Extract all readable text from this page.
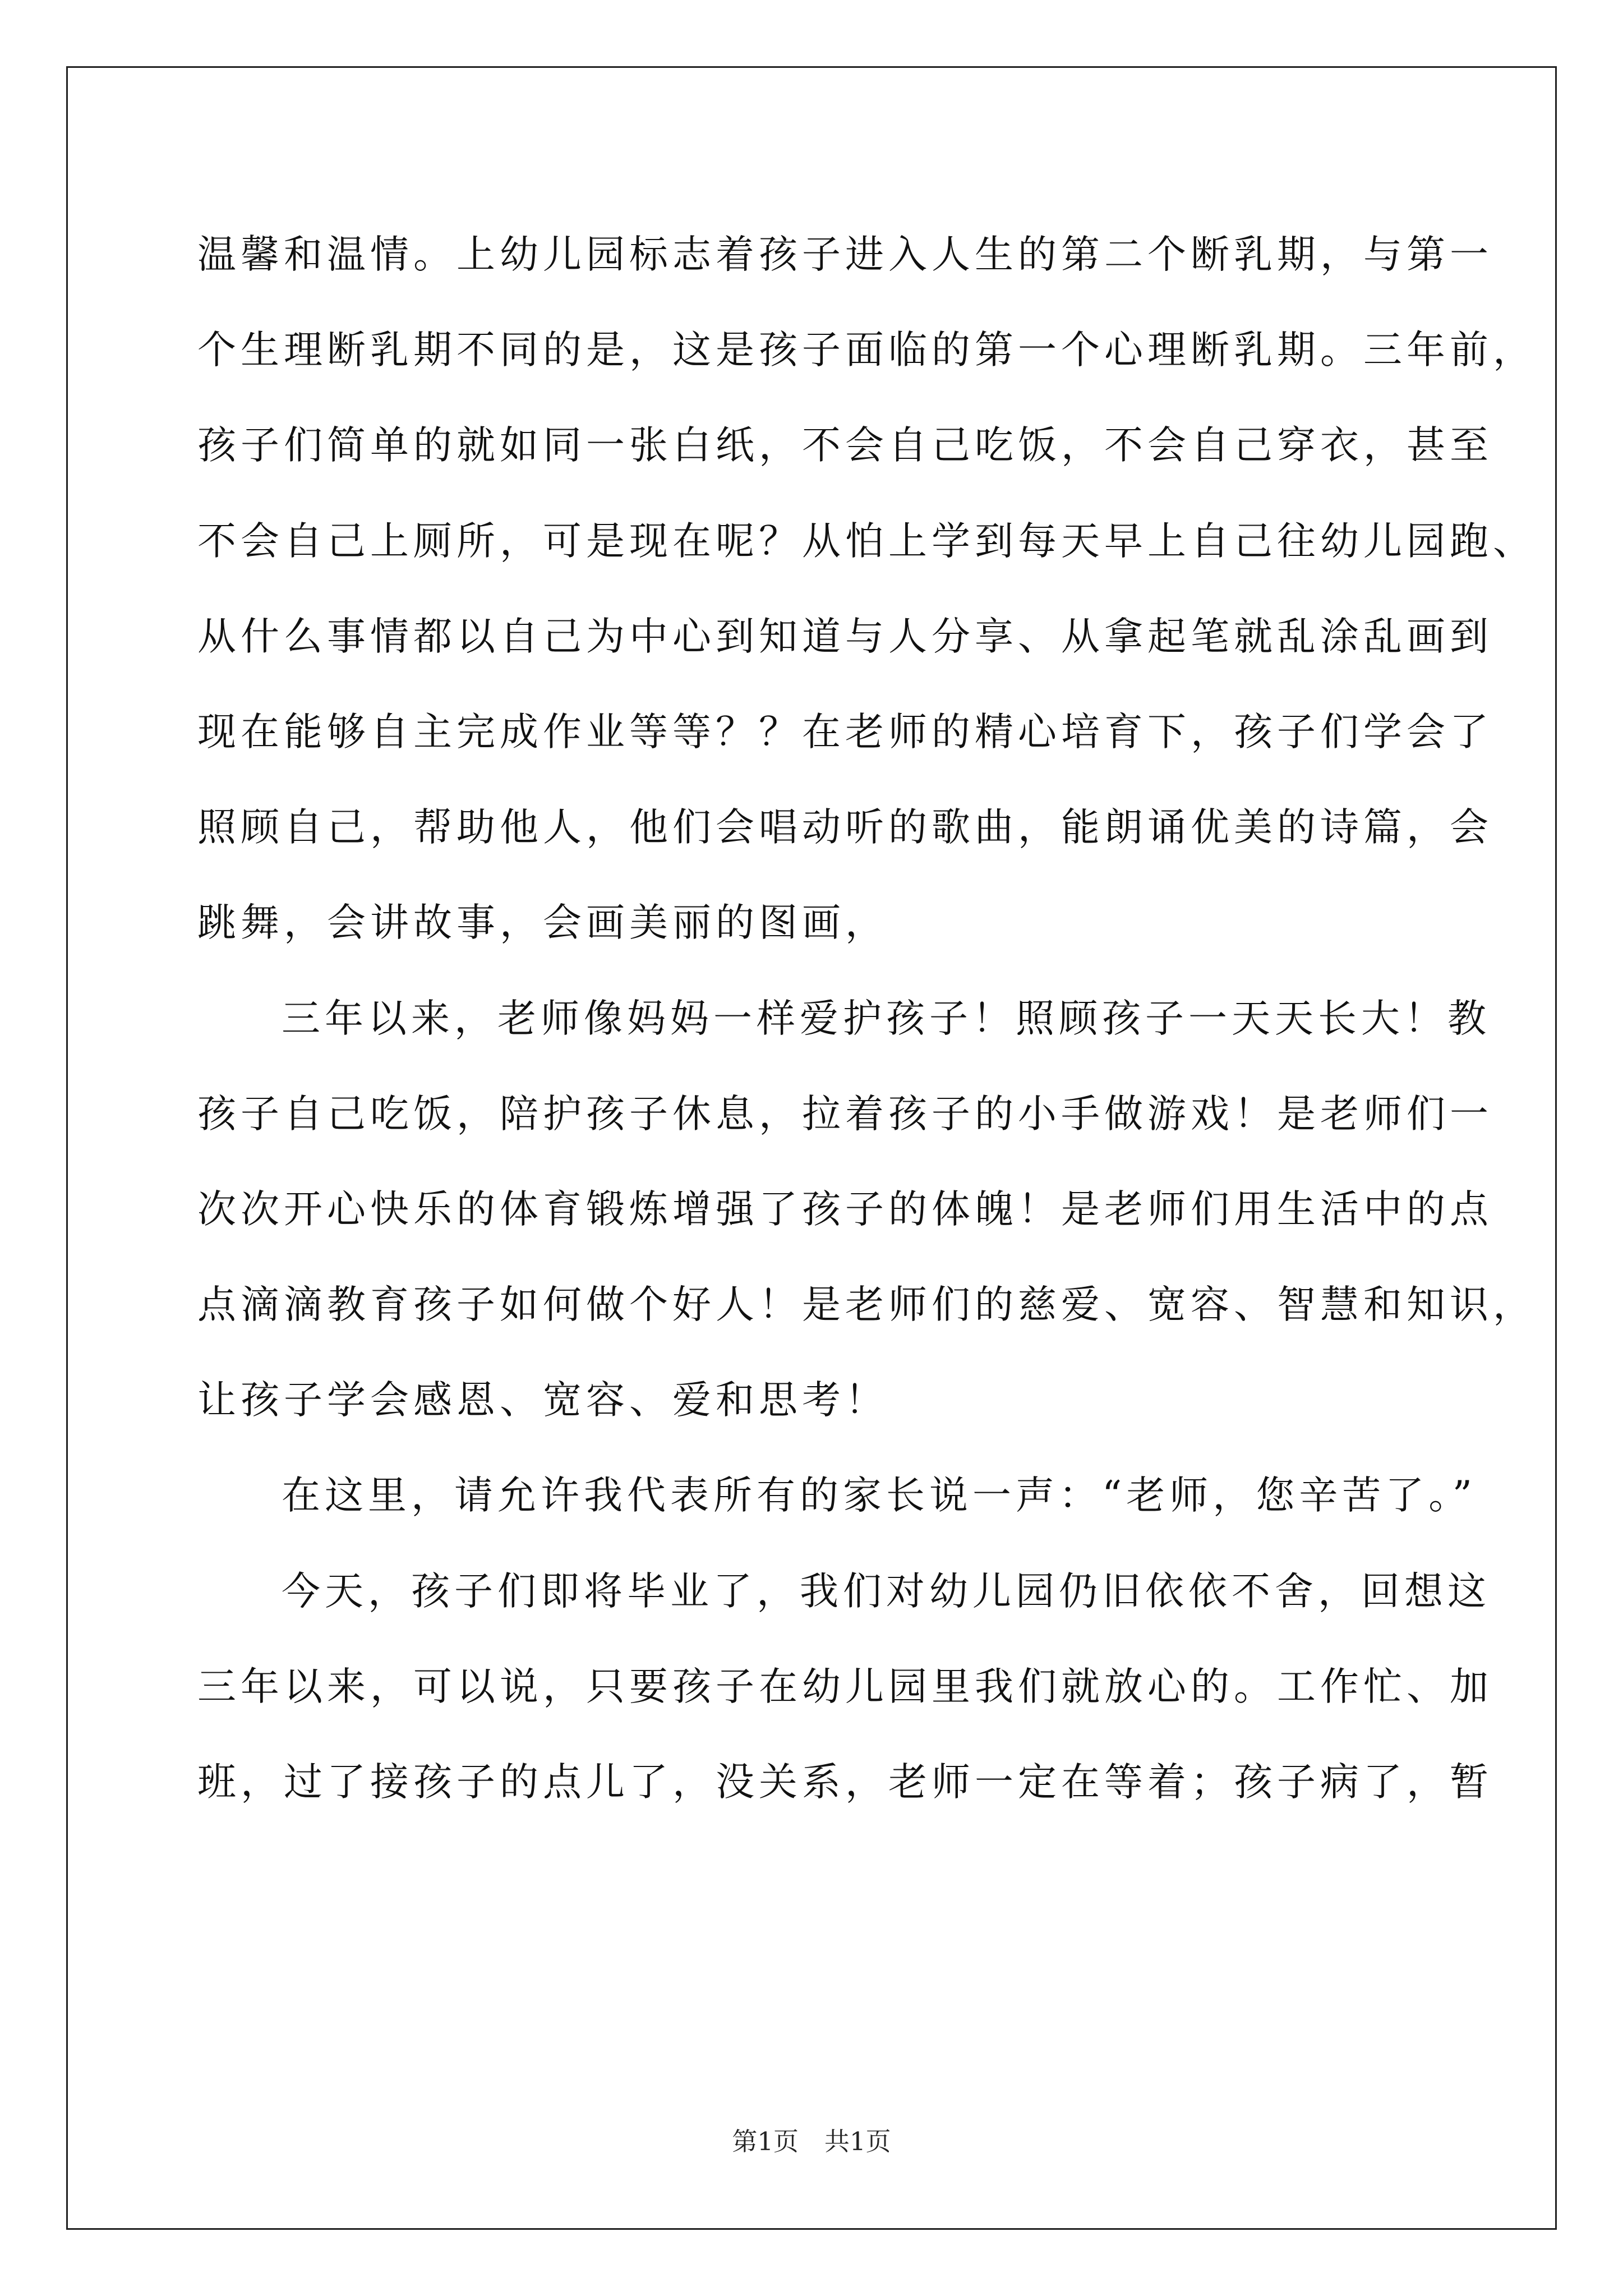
温馨和温情。上幼儿园标志着孩子进入人生的第二个断乳期，与第一
个生理断乳期不同的是，这是孩子面临的第一个心理断乳期。三年前，
孩子们简单的就如同一张白纸，不会自己吃饭，不会自己穿衣，甚至
不会自己上厕所，可是现在呢？从怕上学到每天早上自己往幼儿园跑、
从什么事情都以自己为中心到知道与人分享、从拿起笔就乱涂乱画到
现在能够自主完成作业等等？？在老师的精心培育下，孩子们学会了
照顾自己，帮助他人，他们会唱动听的歌曲，能朗诵优美的诗篇，会
跳舞，会讲故事，会画美丽的图画，
三年以来，老师像妈妈一样爱护孩子！照顾孩子一天天长大！教
孩子自己吃饭，陪护孩子休息，拉着孩子的小手做游戏！是老师们一
次次开心快乐的体育锻炼增强了孩子的体魄！是老师们用生活中的点
点滴滴教育孩子如何做个好人！是老师们的慈爱、宽容、智慧和知识，
让孩子学会感恩、宽容、爱和思考！
在这里，请允许我代表所有的家长说一声：“老师，您辛苦了。”
今天，孩子们即将毕业了，我们对幼儿园仍旧依依不舍，回想这
三年以来，可以说，只要孩子在幼儿园里我们就放心的。工作忙、加
班，过了接孩子的点儿了，没关系，老师一定在等着；孩子病了，暂
第1页 共1页
